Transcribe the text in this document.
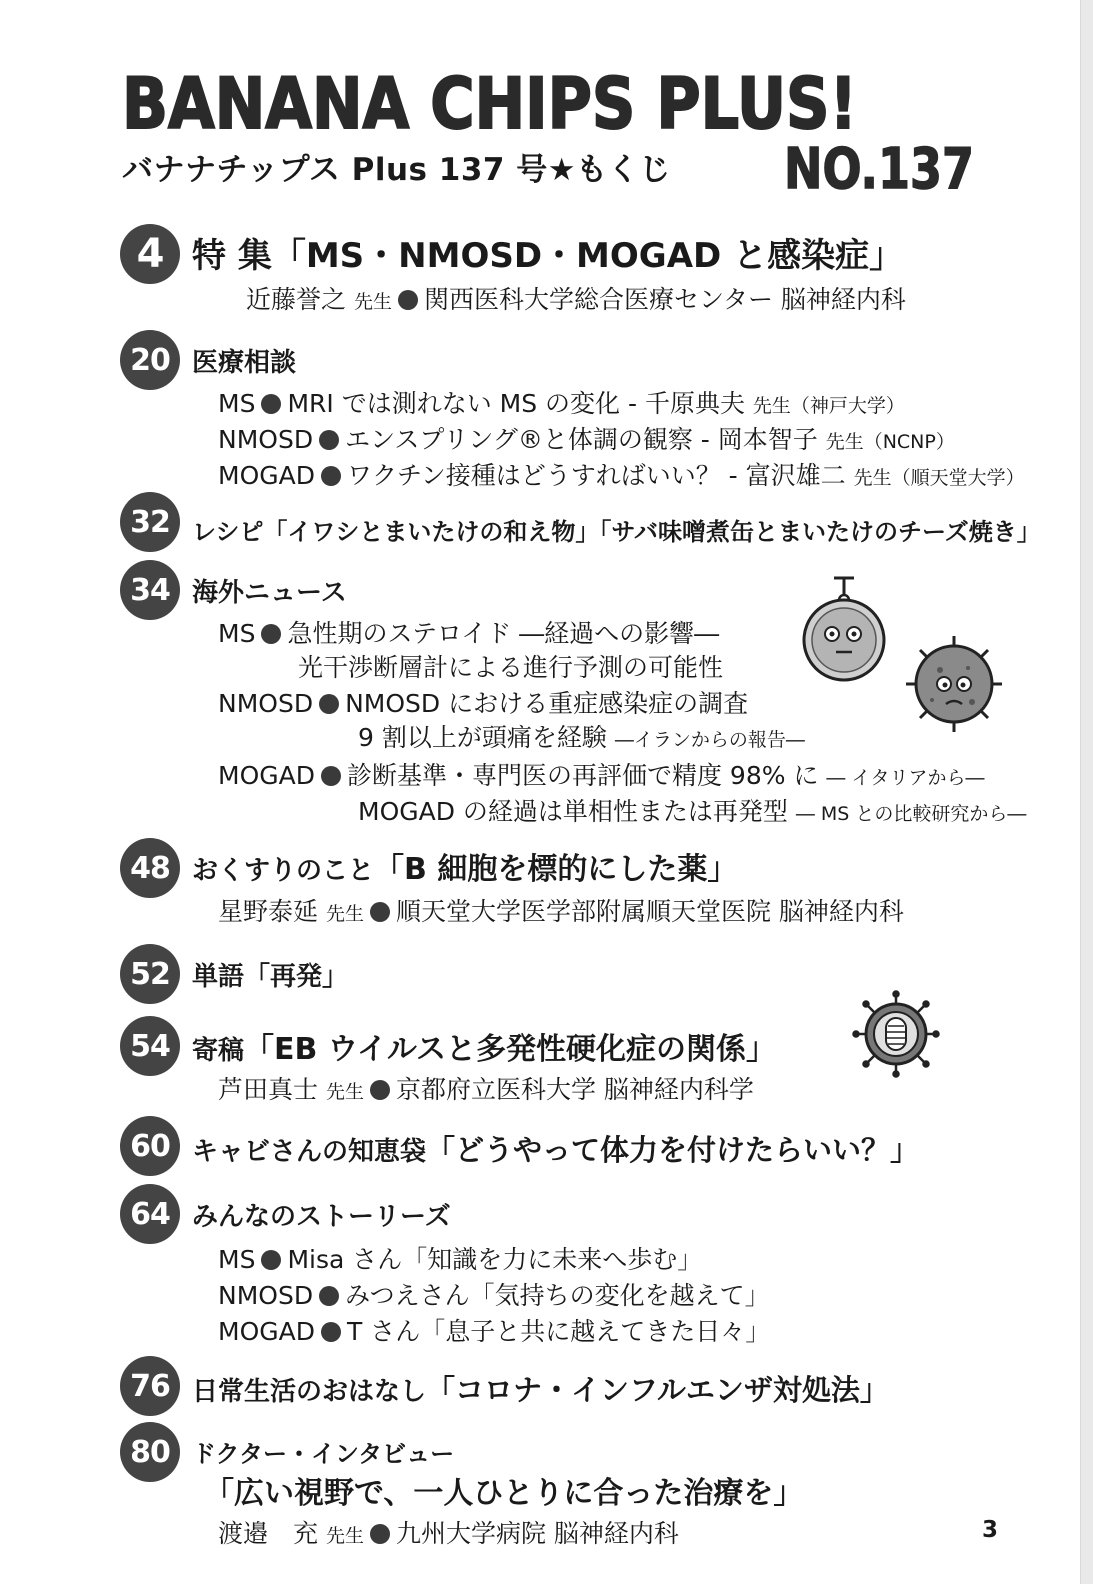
BANANA CHIPS PLUS!
バナナチップス Plus 137 号★もくじ NO.137
4 特 集「MS・NMOSD・MOGAD と感染症」
近藤誉之 先生 関西医科大学総合医療センター 脳神経内科
20 医療相談
MS MRI では測れない MS の変化 - 千原典夫 先生（神戸大学）
NMOSD エンスプリング®と体調の観察 - 岡本智子 先生（NCNP）
MOGAD ワクチン接種はどうすればいい？ - 富沢雄二 先生（順天堂大学）
32 レシピ「イワシとまいたけの和え物」「サバ味噌煮缶とまいたけのチーズ焼き」
34 海外ニュース
MS 急性期のステロイド ―経過への影響―
光干渉断層計による進行予測の可能性
NMOSD NMOSD における重症感染症の調査
9 割以上が頭痛を経験 ―イランからの報告―
MOGAD 診断基準・専門医の再評価で精度 98% に ― イタリアから―
MOGAD の経過は単相性または再発型 ― MS との比較研究から―
48 おくすりのこと「B 細胞を標的にした薬」
星野泰延 先生 順天堂大学医学部附属順天堂医院 脳神経内科
52 単語「再発」
54 寄稿「EB ウイルスと多発性硬化症の関係」
芦田真士 先生 京都府立医科大学 脳神経内科学
60 キャビさんの知恵袋「どうやって体力を付けたらいい？」
64 みんなのストーリーズ
MS Misa さん「知識を力に未来へ歩む」
NMOSD みつえさん「気持ちの変化を越えて」
MOGAD T さん「息子と共に越えてきた日々」
76 日常生活のおはなし「コロナ・インフルエンザ対処法」
80 ドクター・インタビュー
「広い視野で、一人ひとりに合った治療を」
渡邉　充 先生 九州大学病院 脳神経内科	3
